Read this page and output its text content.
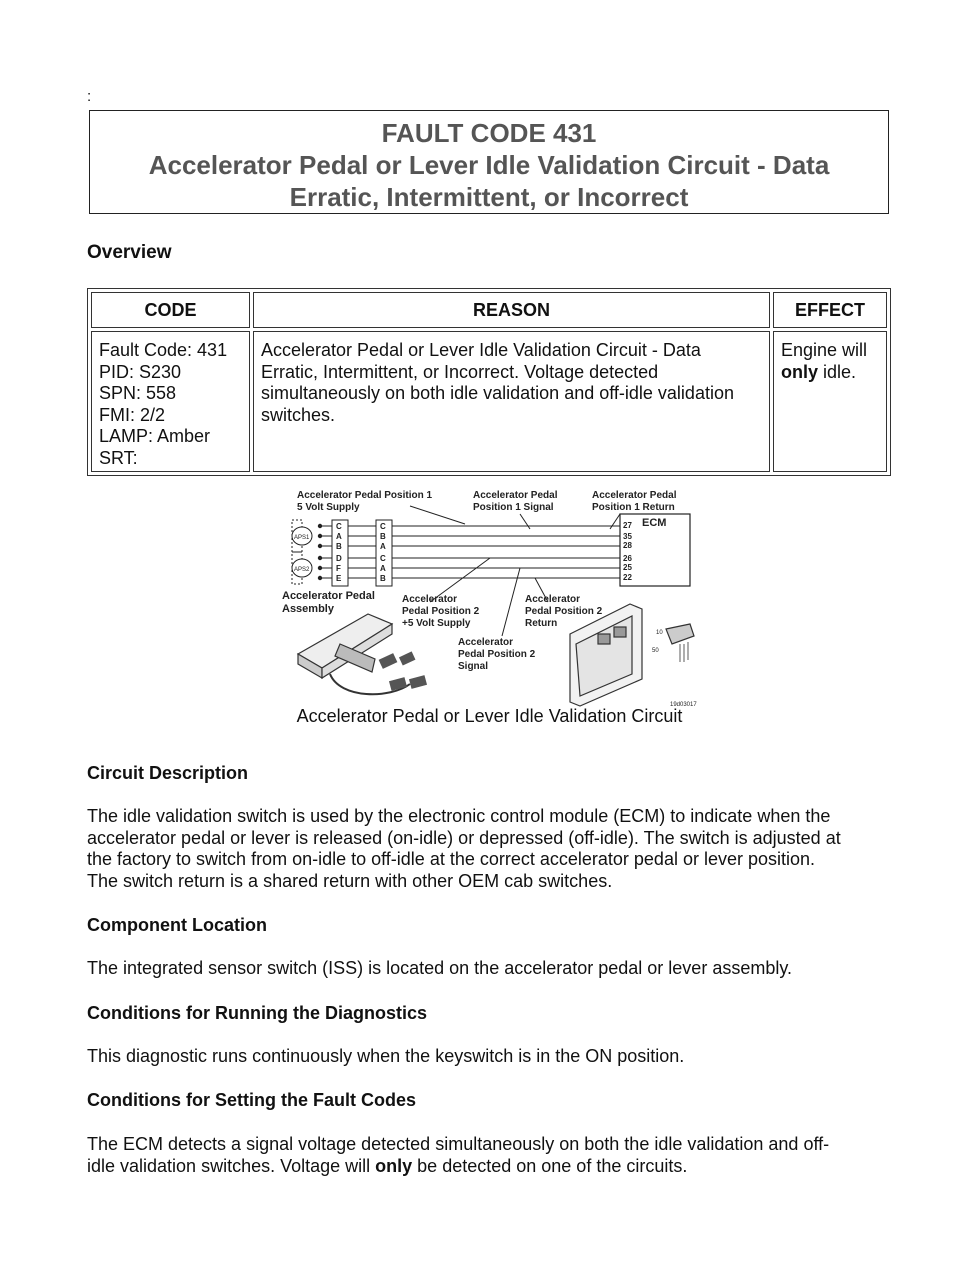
:
FAULT CODE 431
Accelerator Pedal or Lever Idle Validation Circuit - Data Erratic, Intermittent, or Incorrect
Overview
CODE	REASON	EFFECT
Fault Code: 431
PID: S230
SPN: 558
FMI: 2/2
LAMP: Amber
SRT:
Accelerator Pedal or Lever Idle Validation Circuit - Data Erratic, Intermittent, or Incorrect. Voltage detected simultaneously on both idle validation and off-idle validation switches.
Engine will only idle.
Accelerator Pedal Position 1
5 Volt Supply
Accelerator Pedal
Position 1 Signal
Accelerator Pedal
Position 1 Return
ECM
27
35
28
26
25
22
APS1
APS2
C
A
B
D
F
E
C
B
A
C
A
B
Accelerator Pedal
Assembly
Accelerator
Pedal Position 2
+5 Volt Supply
Accelerator
Pedal Position 2
Return
Accelerator
Pedal Position 2
Signal
10
50
19d03017
Accelerator Pedal or Lever Idle Validation Circuit
Circuit Description
The idle validation switch is used by the electronic control module (ECM) to indicate when the
accelerator pedal or lever is released (on-idle) or depressed (off-idle). The switch is adjusted at
the factory to switch from on-idle to off-idle at the correct accelerator pedal or lever position.
The switch return is a shared return with other OEM cab switches.
Component Location
The integrated sensor switch (ISS) is located on the accelerator pedal or lever assembly.
Conditions for Running the Diagnostics
This diagnostic runs continuously when the keyswitch is in the ON position.
Conditions for Setting the Fault Codes
The ECM detects a signal voltage detected simultaneously on both the idle validation and off-
idle validation switches. Voltage will only be detected on one of the circuits.
